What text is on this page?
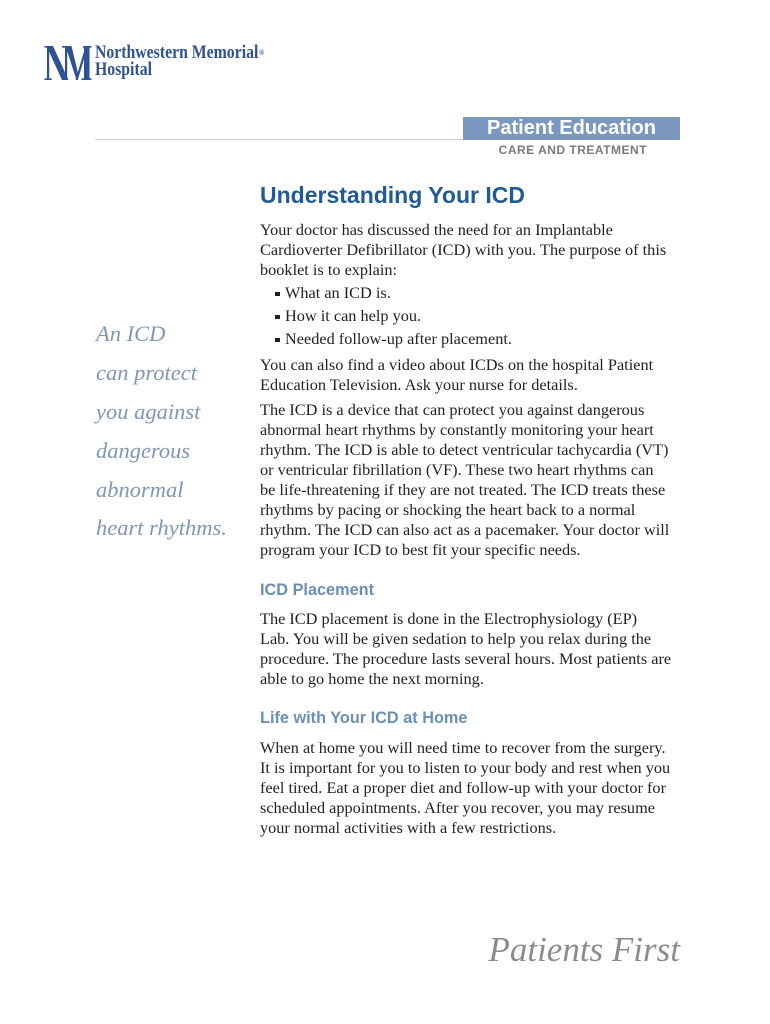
Northwestern Memorial®
Hospital
Patient Education
CARE AND TREATMENT
Understanding Your ICD
Your doctor has discussed the need for an Implantable
Cardioverter Defibrillator (ICD) with you. The purpose of this
booklet is to explain:
What an ICD is.
How it can help you.
Needed follow-up after placement.
You can also find a video about ICDs on the hospital Patient
Education Television. Ask your nurse for details.
The ICD is a device that can protect you against dangerous
abnormal heart rhythms by constantly monitoring your heart
rhythm. The ICD is able to detect ventricular tachycardia (VT)
or ventricular fibrillation (VF). These two heart rhythms can
be life-threatening if they are not treated. The ICD treats these
rhythms by pacing or shocking the heart back to a normal
rhythm. The ICD can also act as a pacemaker. Your doctor will
program your ICD to best fit your specific needs.
ICD Placement
The ICD placement is done in the Electrophysiology (EP)
Lab. You will be given sedation to help you relax during the
procedure. The procedure lasts several hours. Most patients are
able to go home the next morning.
Life with Your ICD at Home
When at home you will need time to recover from the surgery.
It is important for you to listen to your body and rest when you
feel tired. Eat a proper diet and follow-up with your doctor for
scheduled appointments. After you recover, you may resume
your normal activities with a few restrictions.
An ICD
can protect
you against
dangerous
abnormal
heart rhythms.
Patients First
